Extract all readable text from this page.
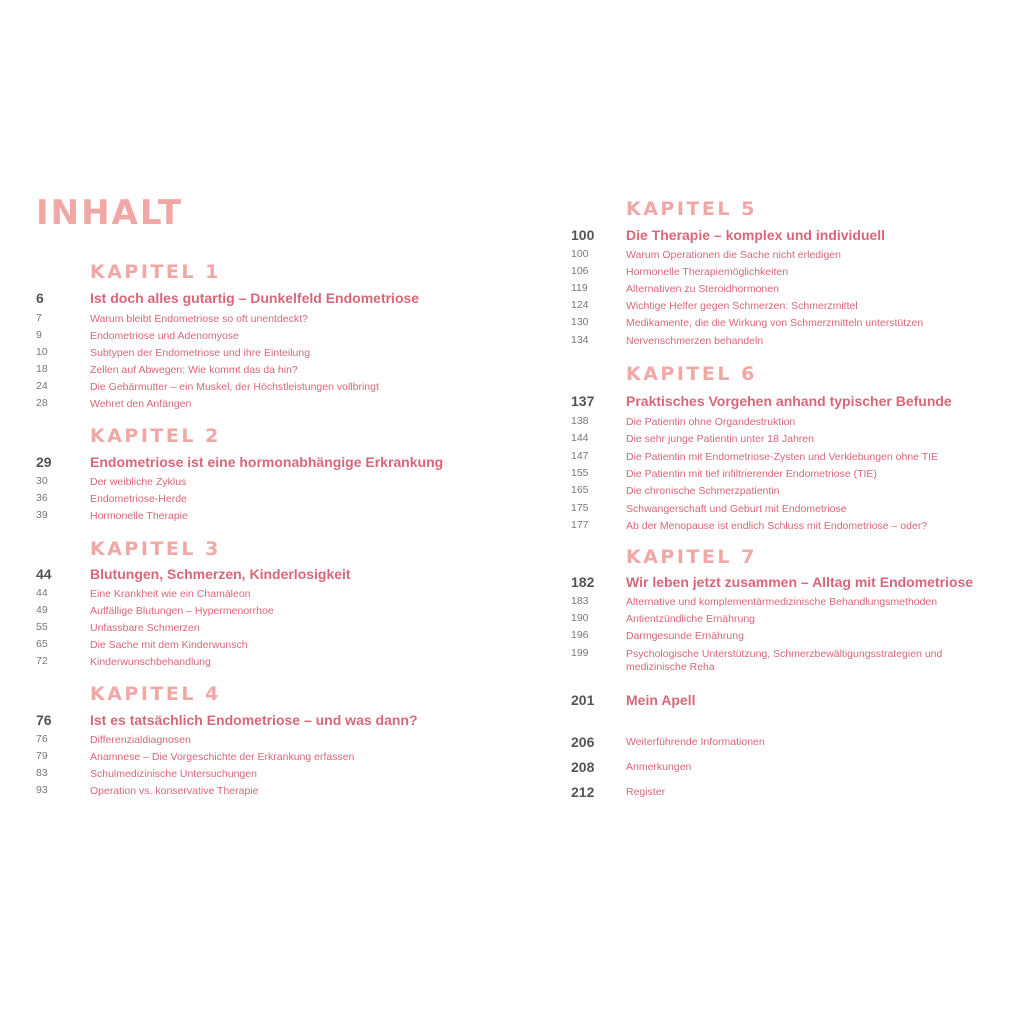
INHALT
KAPITEL 1
6	Ist doch alles gutartig – Dunkelfeld Endometriose
7	Warum bleibt Endometriose so oft unentdeckt?
9	Endometriose und Adenomyose
10	Subtypen der Endometriose und ihre Einteilung
18	Zellen auf Abwegen: Wie kommt das da hin?
24	Die Gebärmutter – ein Muskel, der Höchstleistungen vollbringt
28	Wehret den Anfängen
KAPITEL 2
29	Endometriose ist eine hormonabhängige Erkrankung
30	Der weibliche Zyklus
36	Endometriose-Herde
39	Hormonelle Therapie
KAPITEL 3
44	Blutungen, Schmerzen, Kinderlosigkeit
44	Eine Krankheit wie ein Chamäleon
49	Auffällige Blutungen – Hypermenorrhoe
55	Unfassbare Schmerzen
65	Die Sache mit dem Kinderwunsch
72	Kinderwunschbehandlung
KAPITEL 4
76	Ist es tatsächlich Endometriose – und was dann?
76	Differenzialdiagnosen
79	Anamnese – Die Vorgeschichte der Erkrankung erfassen
83	Schulmedizinische Untersuchungen
93	Operation vs. konservative Therapie
KAPITEL 5
100 Die Therapie – komplex und individuell
100	Warum Operationen die Sache nicht erledigen
106	Hormonelle Therapiemöglichkeiten
119	Alternativen zu Steroidhormonen
124	Wichtige Helfer gegen Schmerzen: Schmerzmittel
130	Medikamente, die die Wirkung von Schmerzmitteln unterstützen
134	Nervenschmerzen behandeln
KAPITEL 6
137 Praktisches Vorgehen anhand typischer Befunde
138	Die Patientin ohne Organdestruktion
144	Die sehr junge Patientin unter 18 Jahren
147	Die Patientin mit Endometriose-Zysten und Verklebungen ohne TIE
155	Die Patientin mit tief infiltrierender Endometriose (TIE)
165	Die chronische Schmerzpatientin
175	Schwangerschaft und Geburt mit Endometriose
177	Ab der Menopause ist endlich Schluss mit Endometriose – oder?
KAPITEL 7
182 Wir leben jetzt zusammen – Alltag mit Endometriose
183	Alternative und komplementärmedizinische Behandlungsmethoden
190	Antientzündliche Ernährung
196	Darmgesunde Ernährung
199	Psychologische Unterstützung, Schmerzbewältigungsstrategien und medizinische Reha
201 Mein Apell
206	Weiterführende Informationen
208	Anmerkungen
212	Register
